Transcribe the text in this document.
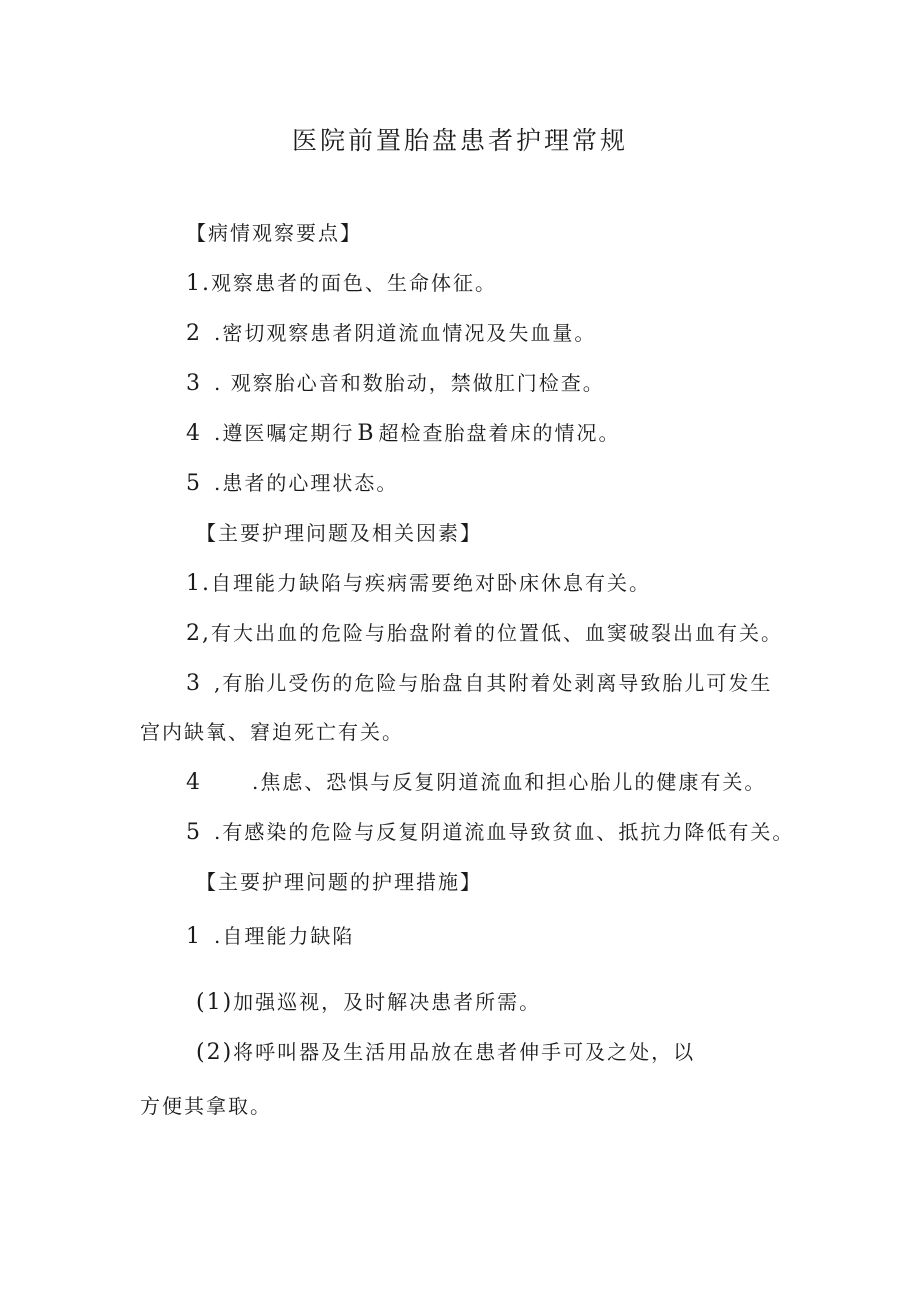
医院前置胎盘患者护理常规
【病情观察要点】
1.观察患者的面色、生命体征。
2 .密切观察患者阴道流血情况及失血量。
3 . 观察胎心音和数胎动，禁做肛门检查。
4 .遵医嘱定期行 B 超检查胎盘着床的情况。
5 .患者的心理状态。
【主要护理问题及相关因素】
1.自理能力缺陷与疾病需要绝对卧床休息有关。
2,有大出血的危险与胎盘附着的位置低、血窦破裂出血有关。
3 ,有胎儿受伤的危险与胎盘自其附着处剥离导致胎儿可发生
宫内缺氧、窘迫死亡有关。
4	.焦虑、恐惧与反复阴道流血和担心胎儿的健康有关。
5 .有感染的危险与反复阴道流血导致贫血、抵抗力降低有关。
【主要护理问题的护理措施】
1 .自理能力缺陷
(1)加强巡视，及时解决患者所需。
(2)将呼叫器及生活用品放在患者伸手可及之处，以
方便其拿取。
